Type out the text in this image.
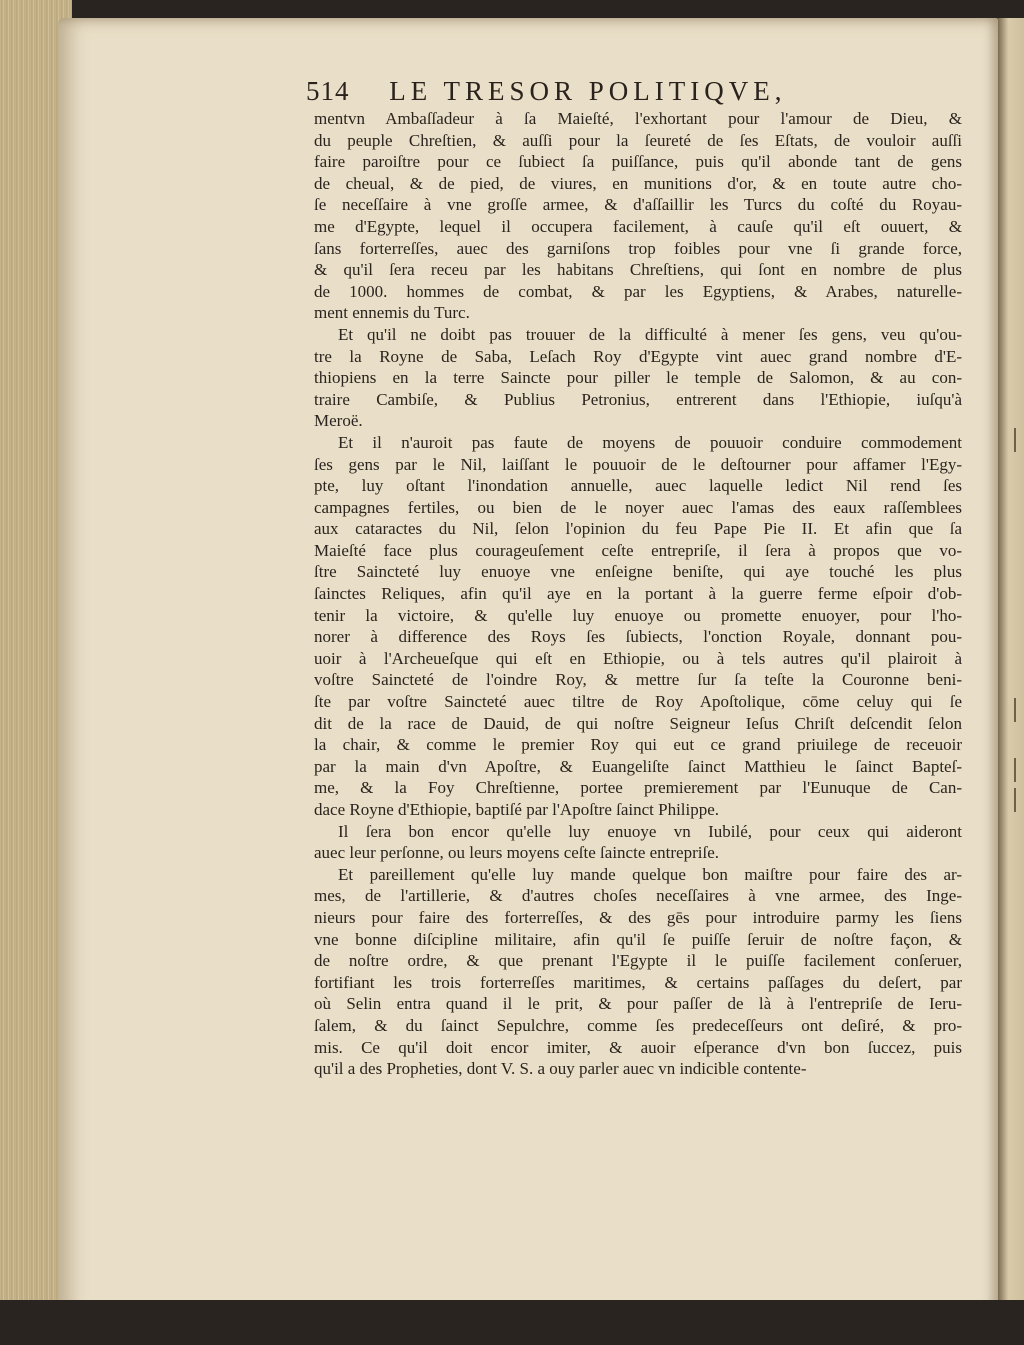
514 LE TRESOR POLITIQVE,
mentvn Ambaſſadeur à ſa Maieſté, l'exhortant pour l'amour de Dieu, &
du peuple Chreſtien, & auſſi pour la ſeureté de ſes Eſtats, de vouloir auſſi
faire paroiſtre pour ce ſubiect ſa puiſſance, puis qu'il abonde tant de gens
de cheual, & de pied, de viures, en munitions d'or, & en toute autre cho-
ſe neceſſaire à vne groſſe armee, & d'aſſaillir les Turcs du coſté du Royau-
me d'Egypte, lequel il occupera facilement, à cauſe qu'il eſt ouuert, &
ſans forterreſſes, auec des garniſons trop foibles pour vne ſi grande force,
& qu'il ſera receu par les habitans Chreſtiens, qui ſont en nombre de plus
de 1000. hommes de combat, & par les Egyptiens, & Arabes, naturelle-
ment ennemis du Turc.
Et qu'il ne doibt pas trouuer de la difficulté à mener ſes gens, veu qu'ou-
tre la Royne de Saba, Leſach Roy d'Egypte vint auec grand nombre d'E-
thiopiens en la terre Saincte pour piller le temple de Salomon, & au con-
traire Cambiſe, & Publius Petronius, entrerent dans l'Ethiopie, iuſqu'à
Meroë.
Et il n'auroit pas faute de moyens de pouuoir conduire commodement
ſes gens par le Nil, laiſſant le pouuoir de le deſtourner pour affamer l'Egy-
pte, luy oſtant l'inondation annuelle, auec laquelle ledict Nil rend ſes
campagnes fertiles, ou bien de le noyer auec l'amas des eaux raſſemblees
aux cataractes du Nil, ſelon l'opinion du feu Pape Pie II. Et afin que ſa
Maieſté face plus courageuſement ceſte entrepriſe, il ſera à propos que vo-
ſtre Saincteté luy enuoye vne enſeigne beniſte, qui aye touché les plus
ſainctes Reliques, afin qu'il aye en la portant à la guerre ferme eſpoir d'ob-
tenir la victoire, & qu'elle luy enuoye ou promette enuoyer, pour l'ho-
norer à difference des Roys ſes ſubiects, l'onction Royale, donnant pou-
uoir à l'Archeueſque qui eſt en Ethiopie, ou à tels autres qu'il plairoit à
voſtre Saincteté de l'oindre Roy, & mettre ſur ſa teſte la Couronne beni-
ſte par voſtre Saincteté auec tiltre de Roy Apoſtolique, cōme celuy qui ſe
dit de la race de Dauid, de qui noſtre Seigneur Ieſus Chriſt deſcendit ſelon
la chair, & comme le premier Roy qui eut ce grand priuilege de receuoir
par la main d'vn Apoſtre, & Euangeliſte ſainct Matthieu le ſainct Bapteſ-
me, & la Foy Chreſtienne, portee premierement par l'Eunuque de Can-
dace Royne d'Ethiopie, baptiſé par l'Apoſtre ſainct Philippe.
Il ſera bon encor qu'elle luy enuoye vn Iubilé, pour ceux qui aideront
auec leur perſonne, ou leurs moyens ceſte ſaincte entrepriſe.
Et pareillement qu'elle luy mande quelque bon maiſtre pour faire des ar-
mes, de l'artillerie, & d'autres choſes neceſſaires à vne armee, des Inge-
nieurs pour faire des forterreſſes, & des gēs pour introduire parmy les ſiens
vne bonne diſcipline militaire, afin qu'il ſe puiſſe ſeruir de noſtre façon, &
de noſtre ordre, & que prenant l'Egypte il le puiſſe facilement conſeruer,
fortifiant les trois forterreſſes maritimes, & certains paſſages du deſert, par
où Selin entra quand il le prit, & pour paſſer de là à l'entrepriſe de Ieru-
ſalem, & du ſainct Sepulchre, comme ſes predeceſſeurs ont deſiré, & pro-
mis. Ce qu'il doit encor imiter, & auoir eſperance d'vn bon ſuccez, puis
qu'il a des Propheties, dont V. S. a ouy parler auec vn indicible contente-
